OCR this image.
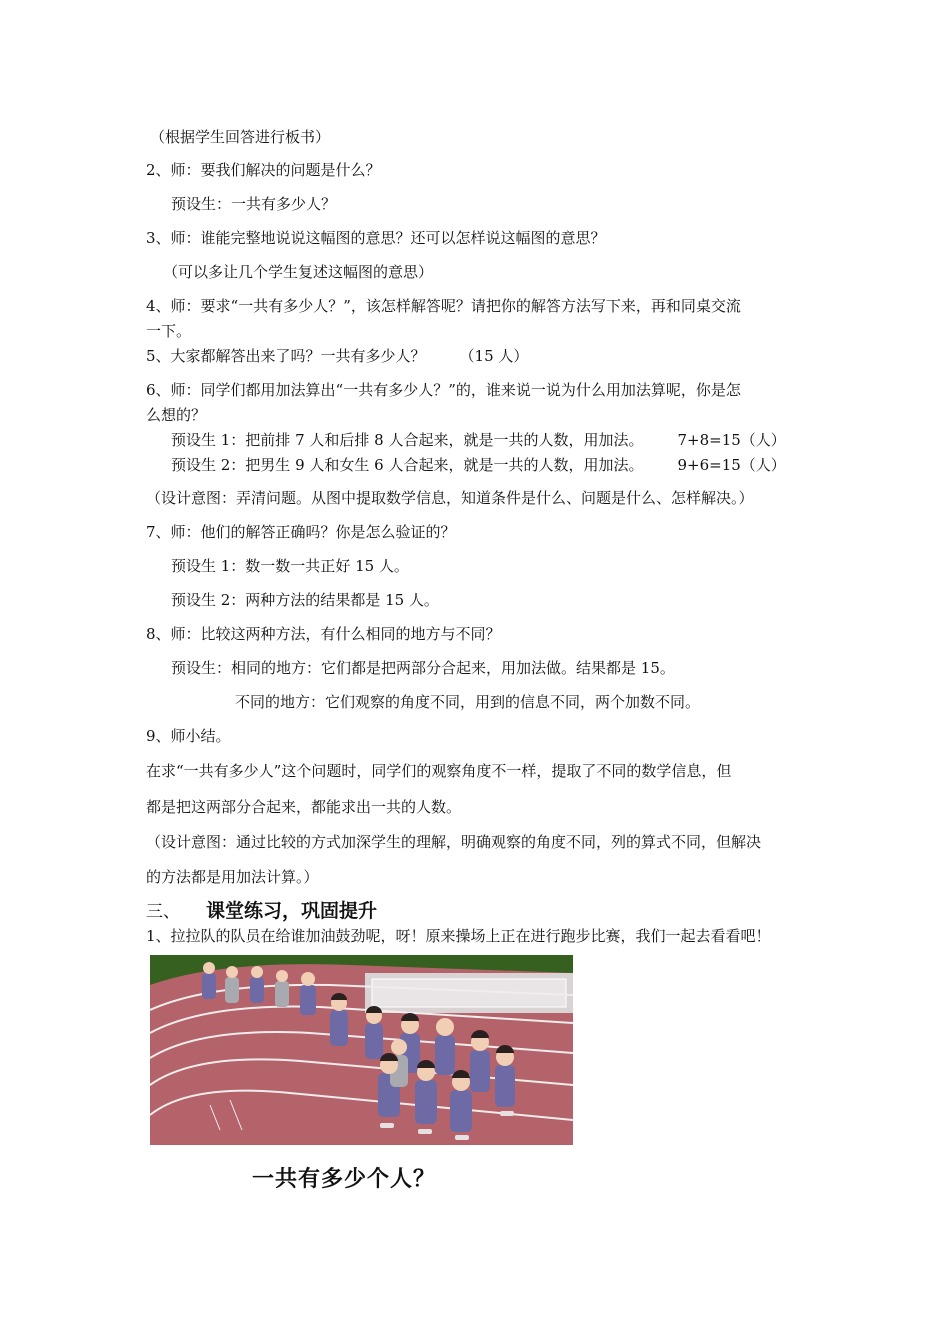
（根据学生回答进行板书）
2、师：要我们解决的问题是什么？
预设生：一共有多少人？
3、师：谁能完整地说说这幅图的意思？还可以怎样说这幅图的意思？
（可以多让几个学生复述这幅图的意思）
4、师：要求“一共有多少人？”，该怎样解答呢？请把你的解答方法写下来，再和同桌交流
一下。
5、大家都解答出来了吗？一共有多少人？ （15 人）
6、师：同学们都用加法算出“一共有多少人？”的，谁来说一说为什么用加法算呢，你是怎
么想的？
预设生 1：把前排 7 人和后排 8 人合起来，就是一共的人数，用加法。 7+8=15（人）
预设生 2：把男生 9 人和女生 6 人合起来，就是一共的人数，用加法。 9+6=15（人）
（设计意图：弄清问题。从图中提取数学信息，知道条件是什么、问题是什么、怎样解决。）
7、师：他们的解答正确吗？你是怎么验证的？
预设生 1：数一数一共正好 15 人。
预设生 2：两种方法的结果都是 15 人。
8、师：比较这两种方法，有什么相同的地方与不同？
预设生：相同的地方：它们都是把两部分合起来，用加法做。结果都是 15。
不同的地方：它们观察的角度不同，用到的信息不同，两个加数不同。
9、师小结。
在求“一共有多少人”这个问题时，同学们的观察角度不一样，提取了不同的数学信息，但
都是把这两部分合起来，都能求出一共的人数。
（设计意图：通过比较的方式加深学生的理解，明确观察的角度不同，列的算式不同，但解决
的方法都是用加法计算。）
三、 课堂练习，巩固提升
1、拉拉队的队员在给谁加油鼓劲呢，呀！原来操场上正在进行跑步比赛，我们一起去看看吧！
一共有多少个人？
